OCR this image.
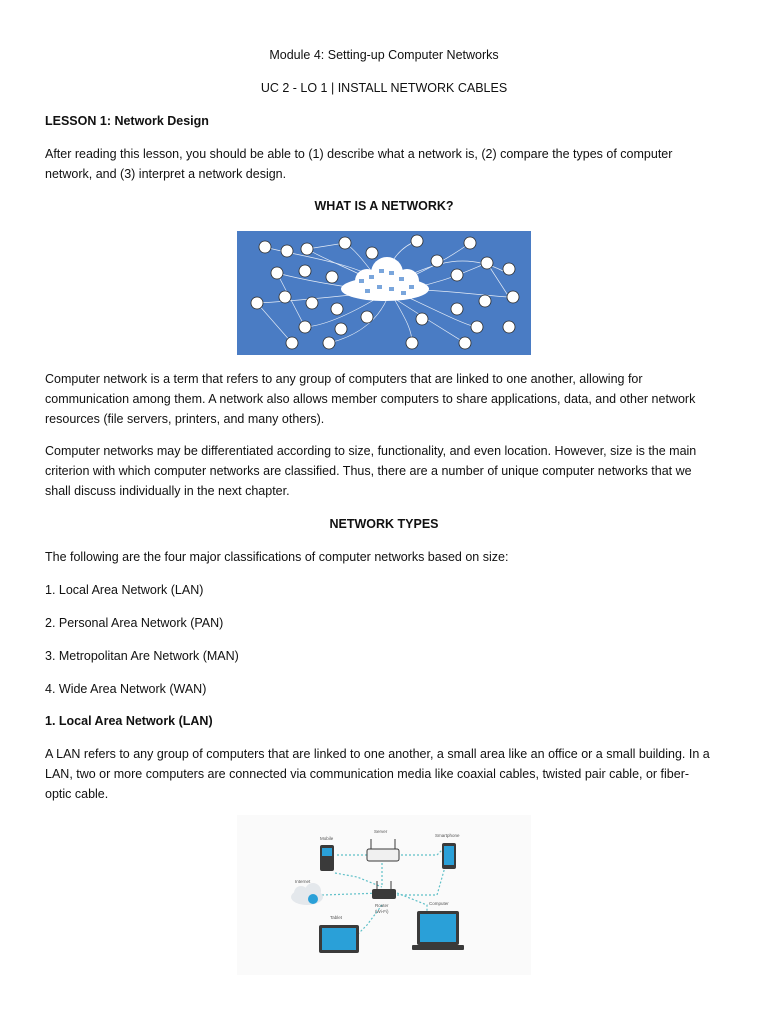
Module 4: Setting-up Computer Networks
UC 2 - LO 1 | INSTALL NETWORK CABLES
LESSON 1: Network Design
After reading this lesson, you should be able to (1) describe what a network is, (2) compare the types of computer
network, and (3) interpret a network design.
WHAT IS A NETWORK?
Computer network is a term that refers to any group of computers that are linked to one another, allowing for
communication among them. A network also allows member computers to share applications, data, and other network
resources (file servers, printers, and many others).
Computer networks may be differentiated according to size, functionality, and even location. However, size is the main
criterion with which computer networks are classified. Thus, there are a number of unique computer networks that we
shall discuss individually in the next chapter.
NETWORK TYPES
The following are the four major classifications of computer networks based on size:
1. Local Area Network (LAN)
2. Personal Area Network (PAN)
3. Metropolitan Are Network (MAN)
4. Wide Area Network (WAN)
1. Local Area Network (LAN)
A LAN refers to any group of computers that are linked to one another, a small area like an office or a small building. In a
LAN, two or more computers are connected via communication media like coaxial cables, twisted pair cable, or fiber-
optic cable.
Mobile
Server
Smartphone
Internet
Router
(Wi-Fi)
Computer
Tablet
